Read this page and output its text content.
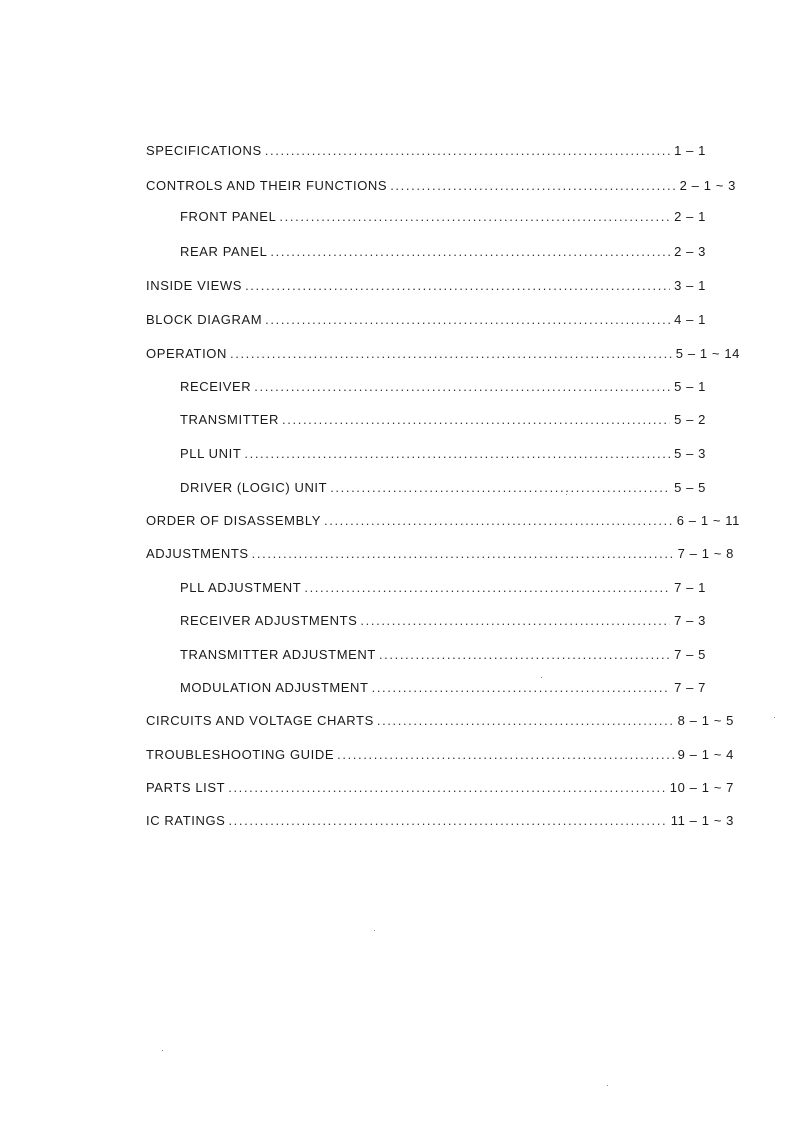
SPECIFICATIONS . . .	1 – 1
CONTROLS AND THEIR FUNCTIONS . . .	2 – 1 ~ 3
FRONT PANEL . . .	2 – 1
REAR PANEL . . .	2 – 3
INSIDE VIEWS . . .	3 – 1
BLOCK DIAGRAM . . .	4 – 1
OPERATION . . .	5 – 1 ~ 14
RECEIVER . . .	5 – 1
TRANSMITTER . . .	5 – 2
PLL UNIT . . .	5 – 3
DRIVER (LOGIC) UNIT . . .	5 – 5
ORDER OF DISASSEMBLY . . .	6 – 1 ~ 11
ADJUSTMENTS . . .	7 – 1 ~ 8
PLL ADJUSTMENT . . .	7 – 1
RECEIVER ADJUSTMENTS . . .	7 – 3
TRANSMITTER ADJUSTMENT . . .	7 – 5
MODULATION ADJUSTMENT . . .	7 – 7
CIRCUITS AND VOLTAGE CHARTS . . .	8 – 1 ~ 5
TROUBLESHOOTING GUIDE . . .	9 – 1 ~ 4
PARTS LIST . . .	10 – 1 ~ 7
IC RATINGS . . .	11 – 1 ~ 3
